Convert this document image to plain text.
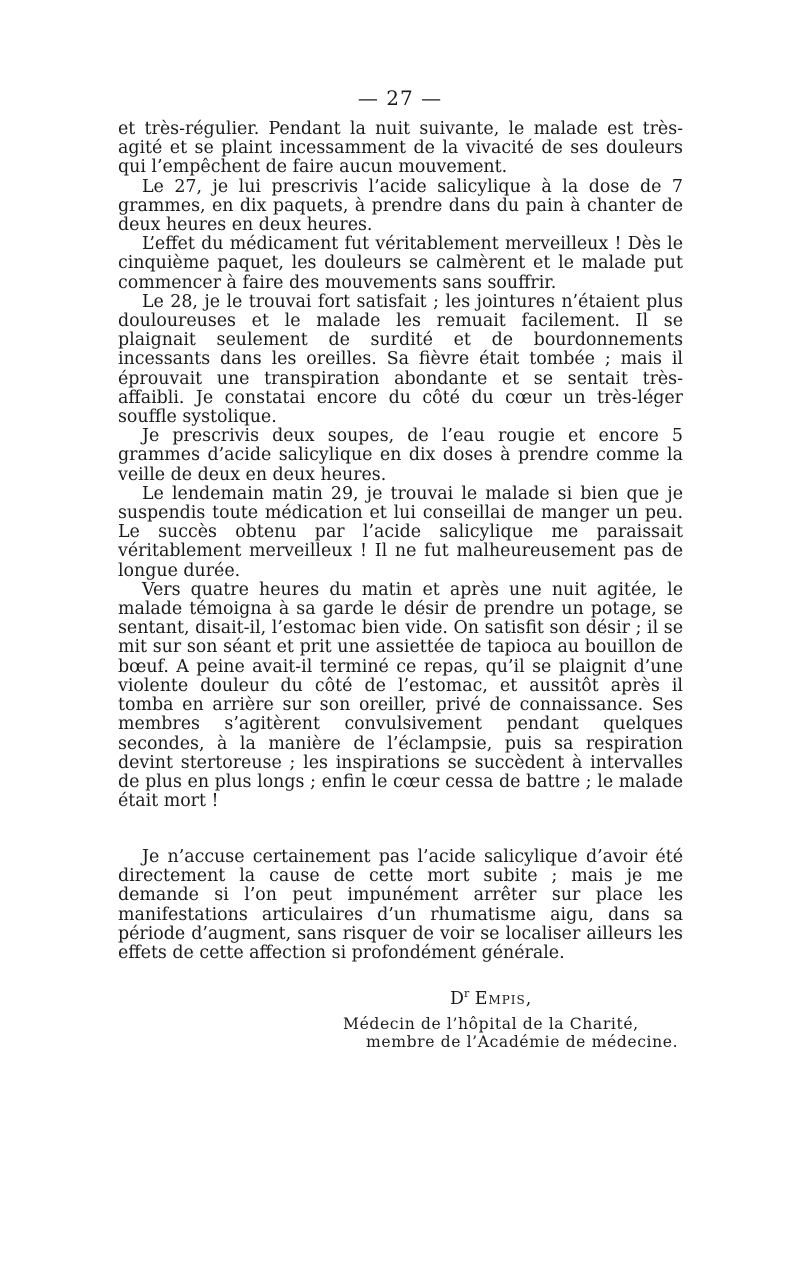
— 27 —

et très-régulier. Pendant la nuit suivante, le malade est très-agité et se plaint incessamment de la vivacité de ses douleurs qui l’empêchent de faire aucun mouvement.

Le 27, je lui prescrivis l’acide salicylique à la dose de 7 grammes, en dix paquets, à prendre dans du pain à chanter de deux heures en deux heures.

L’effet du médicament fut véritablement merveilleux ! Dès le cinquième paquet, les douleurs se calmèrent et le malade put commencer à faire des mouvements sans souffrir.

Le 28, je le trouvai fort satisfait ; les jointures n’étaient plus douloureuses et le malade les remuait facilement. Il se plaignait seulement de surdité et de bourdonnements incessants dans les oreilles. Sa fièvre était tombée ; mais il éprouvait une transpiration abondante et se sentait très-affaibli. Je constatai encore du côté du cœur un très-léger souffle systolique.

Je prescrivis deux soupes, de l’eau rougie et encore 5 grammes d’acide salicylique en dix doses à prendre comme la veille de deux en deux heures.

Le lendemain matin 29, je trouvai le malade si bien que je suspendis toute médication et lui conseillai de manger un peu. Le succès obtenu par l’acide salicylique me paraissait véritablement merveilleux ! Il ne fut malheureusement pas de longue durée.

Vers quatre heures du matin et après une nuit agitée, le malade témoigna à sa garde le désir de prendre un potage, se sentant, disait-il, l’estomac bien vide. On satisfit son désir ; il se mit sur son séant et prit une assiettée de tapioca au bouillon de bœuf. A peine avait-il terminé ce repas, qu’il se plaignit d’une violente douleur du côté de l’estomac, et aussitôt après il tomba en arrière sur son oreiller, privé de connaissance. Ses membres s’agitèrent convulsivement pendant quelques secondes, à la manière de l’éclampsie, puis sa respiration devint stertoreuse ; les inspirations se succèdent à intervalles de plus en plus longs ; enfin le cœur cessa de battre ; le malade était mort !

Je n’accuse certainement pas l’acide salicylique d’avoir été directement la cause de cette mort subite ; mais je me demande si l’on peut impunément arrêter sur place les manifestations articulaires d’un rhumatisme aigu, dans sa période d’augment, sans risquer de voir se localiser ailleurs les effets de cette affection si profondément générale.

$D^r$ Empis,
Médecin de l’hôpital de la Charité,
membre de l’Académie de médecine.
